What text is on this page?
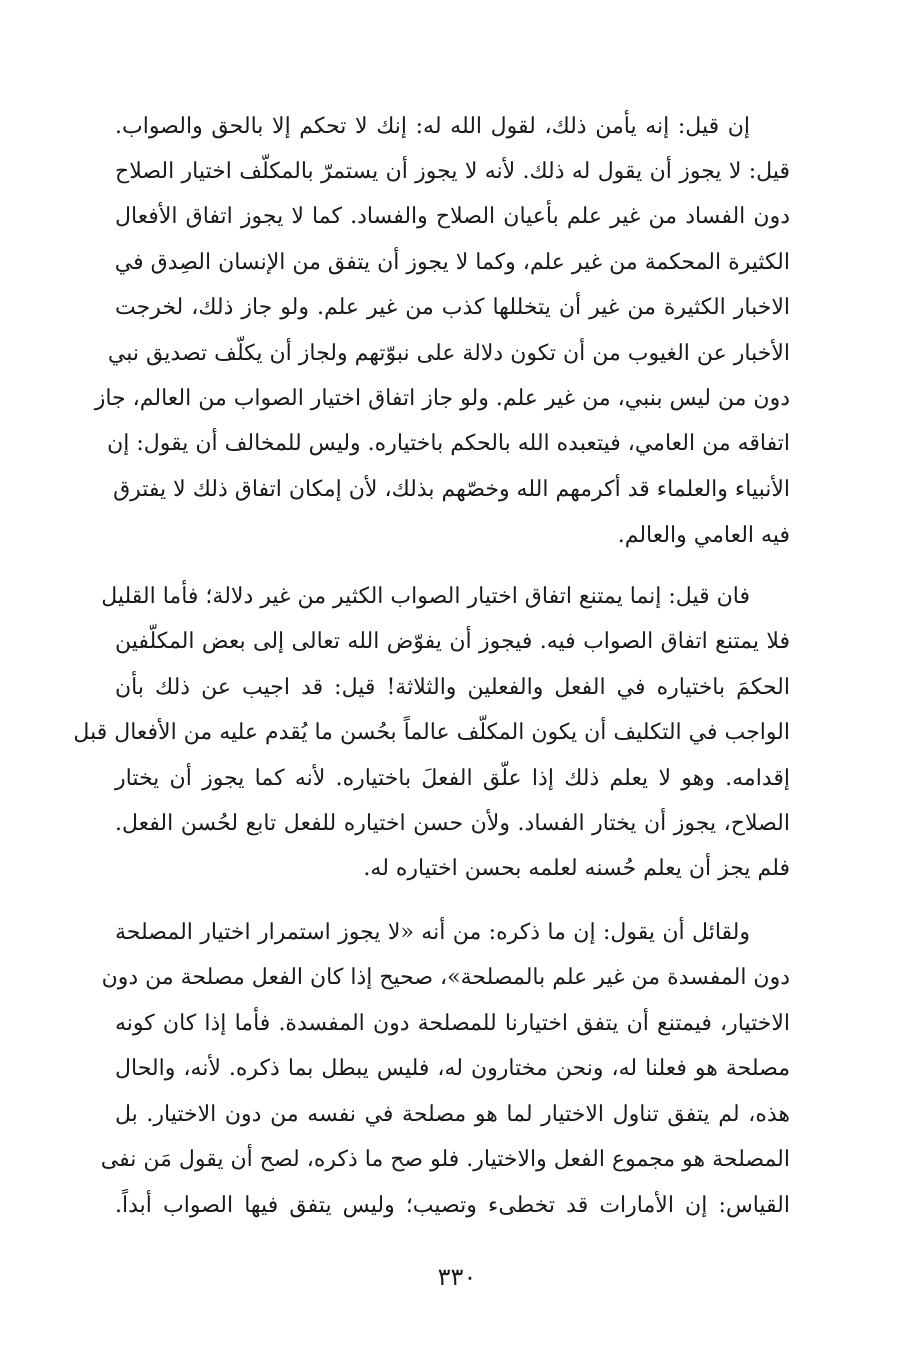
إن قيل: إنه يأمن ذلك، لقول الله له: إنك لا تحكم إلا بالحق والصواب.
قيل: لا يجوز أن يقول له ذلك. لأنه لا يجوز أن يستمرّ بالمكلّف اختيار الصلاح
دون الفساد من غير علم بأعيان الصلاح والفساد. كما لا يجوز اتفاق الأفعال
الكثيرة المحكمة من غير علم، وكما لا يجوز أن يتفق من الإنسان الصِدق في
الاخبار الكثيرة من غير أن يتخللها كذب من غير علم. ولو جاز ذلك، لخرجت
الأخبار عن الغيوب من أن تكون دلالة على نبوّتهم ولجاز أن يكلّف تصديق نبي
دون من ليس بنبي، من غير علم. ولو جاز اتفاق اختيار الصواب من العالم، جاز
اتفاقه من العامي، فيتعبده الله بالحكم باختياره. وليس للمخالف أن يقول: إن
الأنبياء والعلماء قد أكرمهم الله وخصّهم بذلك، لأن إمكان اتفاق ذلك لا يفترق
فيه العامي والعالم.
فان قيل: إنما يمتنع اتفاق اختيار الصواب الكثير من غير دلالة؛ فأما القليل
فلا يمتنع اتفاق الصواب فيه. فيجوز أن يفوّض الله تعالى إلى بعض المكلّفين
الحكمَ باختياره في الفعل والفعلين والثلاثة! قيل: قد اجيب عن ذلك بأن
الواجب في التكليف أن يكون المكلّف عالماً بحُسن ما يُقدم عليه من الأفعال قبل
إقدامه. وهو لا يعلم ذلك إذا علّق الفعلَ باختياره. لأنه كما يجوز أن يختار
الصلاح، يجوز أن يختار الفساد. ولأن حسن اختياره للفعل تابع لحُسن الفعل.
فلم يجز أن يعلم حُسنه لعلمه بحسن اختياره له.
ولقائل أن يقول: إن ما ذكره: من أنه «لا يجوز استمرار اختيار المصلحة
دون المفسدة من غير علم بالمصلحة»، صحيح إذا كان الفعل مصلحة من دون
الاختيار، فيمتنع أن يتفق اختيارنا للمصلحة دون المفسدة. فأما إذا كان كونه
مصلحة هو فعلنا له، ونحن مختارون له، فليس يبطل بما ذكره. لأنه، والحال
هذه، لم يتفق تناول الاختيار لما هو مصلحة في نفسه من دون الاختيار. بل
المصلحة هو مجموع الفعل والاختيار. فلو صح ما ذكره، لصح أن يقول مَن نفى
القياس: إن الأمارات قد تخطىء وتصيب؛ وليس يتفق فيها الصواب أبداً.
٣٣٠
